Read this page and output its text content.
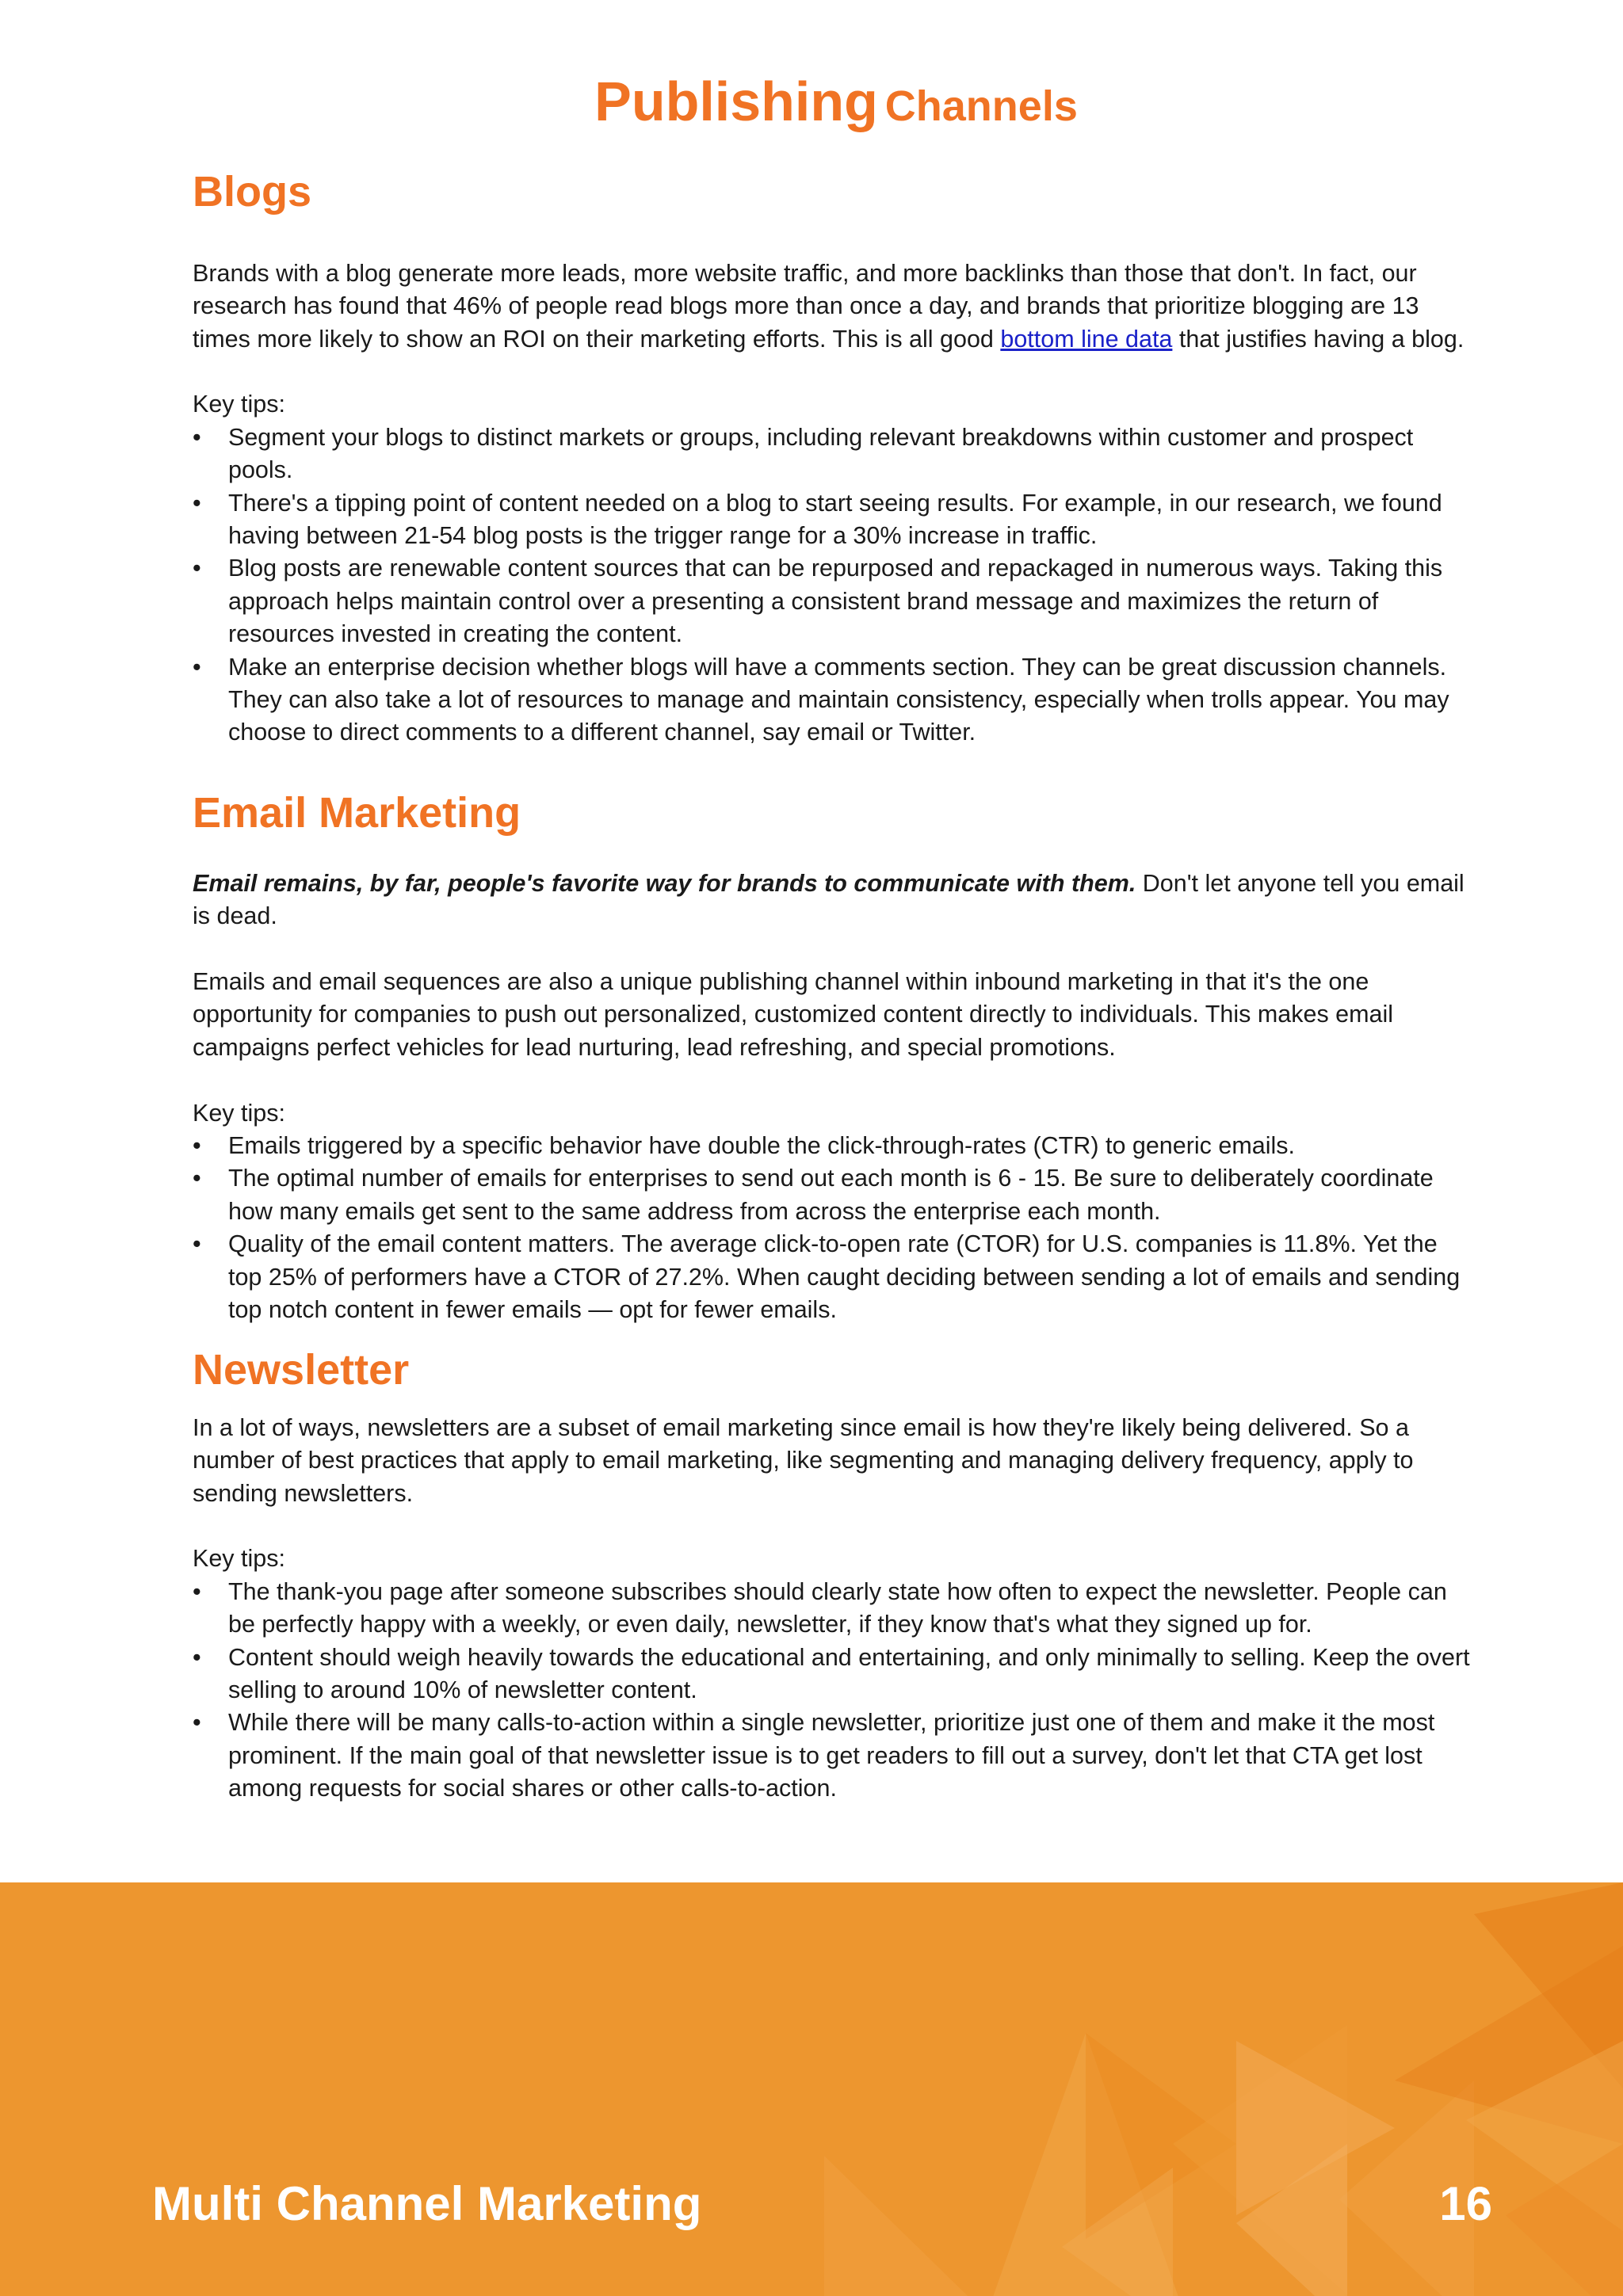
Publishing Channels
Blogs

Brands with a blog generate more leads, more website traffic, and more backlinks than those that don't. In fact, our research has found that 46% of people read blogs more than once a day, and brands that prioritize blogging are 13 times more likely to show an ROI on their marketing efforts. This is all good bottom line data that justifies having a blog.

Key tips:

• Segment your blogs to distinct markets or groups, including relevant breakdowns within customer and prospect pools.
• There's a tipping point of content needed on a blog to start seeing results. For example, in our research, we found having between 21-54 blog posts is the trigger range for a 30% increase in traffic.
• Blog posts are renewable content sources that can be repurposed and repackaged in numerous ways. Taking this approach helps maintain control over a presenting a consistent brand message and maximizes the return of resources invested in creating the content.
• Make an enterprise decision whether blogs will have a comments section. They can be great discussion channels. They can also take a lot of resources to manage and maintain consistency, especially when trolls appear. You may choose to direct comments to a different channel, say email or Twitter.
Email Marketing

Email remains, by far, people's favorite way for brands to communicate with them. Don't let anyone tell you email is dead.

Emails and email sequences are also a unique publishing channel within inbound marketing in that it's the one opportunity for companies to push out personalized, customized content directly to individuals. This makes email campaigns perfect vehicles for lead nurturing, lead refreshing, and special promotions.

Key tips:

• Emails triggered by a specific behavior have double the click-through-rates (CTR) to generic emails.
• The optimal number of emails for enterprises to send out each month is 6 - 15. Be sure to deliberately coordinate how many emails get sent to the same address from across the enterprise each month.
• Quality of the email content matters. The average click-to-open rate (CTOR) for U.S. companies is 11.8%. Yet the top 25% of performers have a CTOR of 27.2%. When caught deciding between sending a lot of emails and sending top notch content in fewer emails — opt for fewer emails.
Newsletter

In a lot of ways, newsletters are a subset of email marketing since email is how they're likely being delivered. So a number of best practices that apply to email marketing, like segmenting and managing delivery frequency, apply to sending newsletters.

Key tips:

• The thank-you page after someone subscribes should clearly state how often to expect the newsletter. People can be perfectly happy with a weekly, or even daily, newsletter, if they know that's what they signed up for.
• Content should weigh heavily towards the educational and entertaining, and only minimally to selling. Keep the overt selling to around 10% of newsletter content.
• While there will be many calls-to-action within a single newsletter, prioritize just one of them and make it the most prominent. If the main goal of that newsletter issue is to get readers to fill out a survey, don't let that CTA get lost among requests for social shares or other calls-to-action.
Multi Channel Marketing	16
